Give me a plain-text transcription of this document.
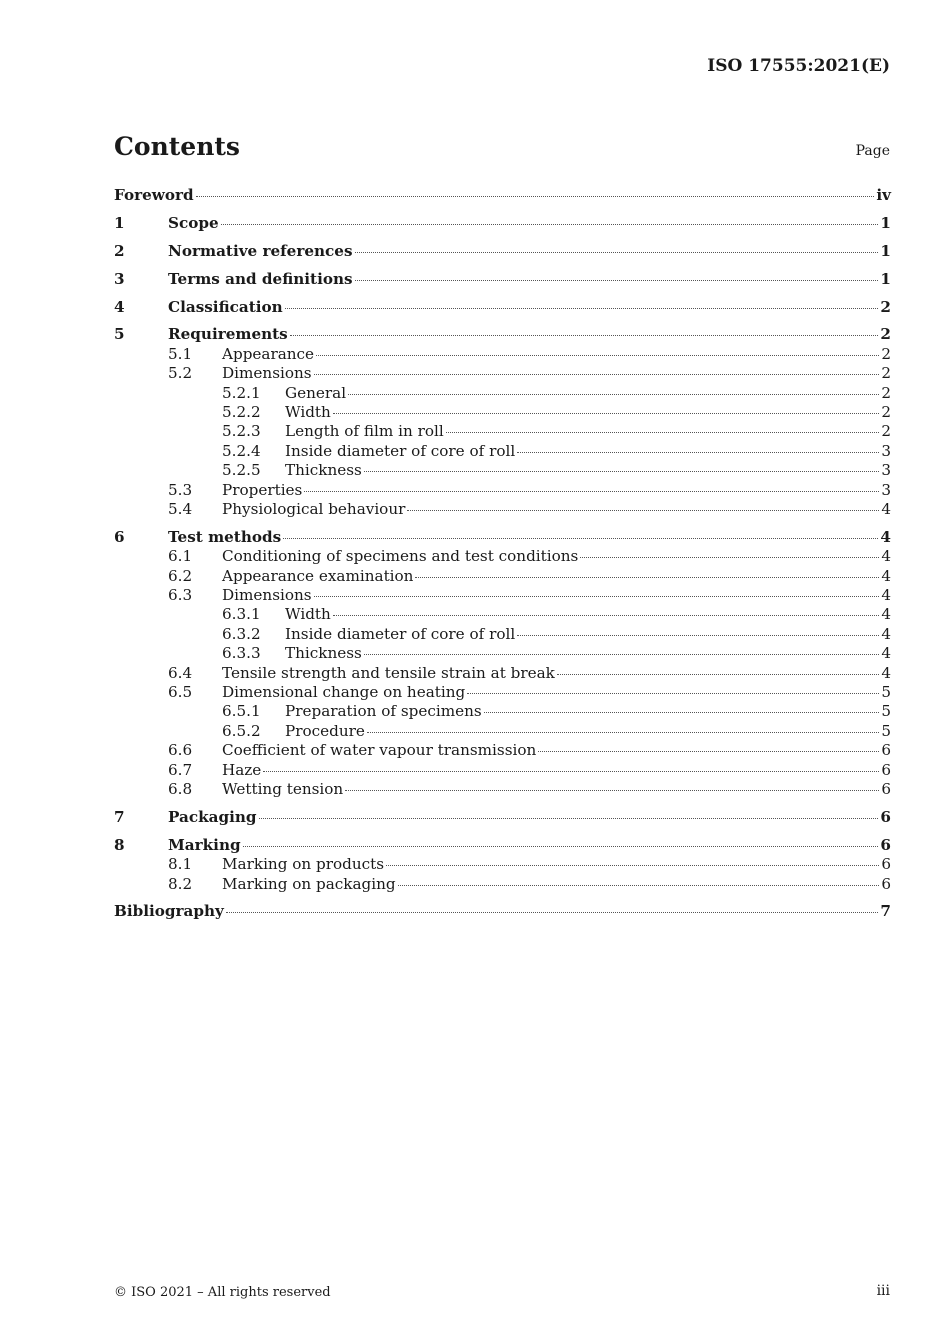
ISO 17555:2021(E)
Contents	Page
Foreword	iv
1	Scope	1
2	Normative references	1
3	Terms and definitions	1
4	Classification	2
5	Requirements	2
5.1	Appearance	2
5.2	Dimensions	2
5.2.1	General	2
5.2.2	Width	2
5.2.3	Length of film in roll	2
5.2.4	Inside diameter of core of roll	3
5.2.5	Thickness	3
5.3	Properties	3
5.4	Physiological behaviour	4
6	Test methods	4
6.1	Conditioning of specimens and test conditions	4
6.2	Appearance examination	4
6.3	Dimensions	4
6.3.1	Width	4
6.3.2	Inside diameter of core of roll	4
6.3.3	Thickness	4
6.4	Tensile strength and tensile strain at break	4
6.5	Dimensional change on heating	5
6.5.1	Preparation of specimens	5
6.5.2	Procedure	5
6.6	Coefficient of water vapour transmission	6
6.7	Haze	6
6.8	Wetting tension	6
7	Packaging	6
8	Marking	6
8.1	Marking on products	6
8.2	Marking on packaging	6
Bibliography	7
© ISO 2021 – All rights reserved	iii
